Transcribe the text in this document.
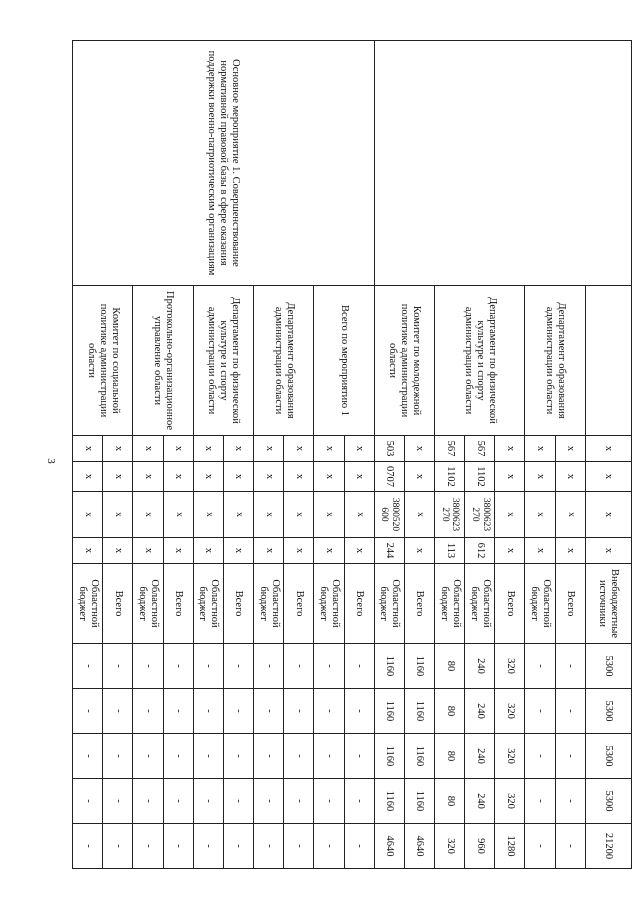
3
		x	x	x	x	Внебюджетные источники	5300	5300	5300	5300	21200
	Департамент образования администрации области	x	x	x	x	Всего	-	-	-	-	-
		x	x	x	x	Областной бюджет	-	-	-	-	-
	Департамент по физической культуре и спорту администрации области	x	x	x	x	Всего	320	320	320	320	1280
		567	1102	3800623 270	612	Областной бюджет	240	240	240	240	960
		567	1102	3800623 270	113	Областной бюджет	80	80	80	80	320
	Комитет по молодежной политике администрации области	x	x	x	x	Всего	1160	1160	1160	1160	4640
		503	0707	3800520 600	244	Областной бюджет	1160	1160	1160	1160	4640
Основное мероприятие 1. Совершенствование нормативной правовой базы в сфере оказания поддержки военно-патриотическим организациям	Всего по мероприятию 1	x	x	x	x	Всего	-	-	-	-	-
		x	x	x	x	Областной бюджет	-	-	-	-	-
	Департамент образования администрации области	x	x	x	x	Всего	-	-	-	-	-
		x	x	x	x	Областной бюджет	-	-	-	-	-
	Департамент по физической культуре и спорту администрации области	x	x	x	x	Всего	-	-	-	-	-
		x	x	x	x	Областной бюджет	-	-	-	-	-
	Протокольно-организационное управление области	x	x	x	x	Всего	-	-	-	-	-
		x	x	x	x	Областной бюджет	-	-	-	-	-
	Комитет по социальной политике администрации области	x	x	x	x	Всего	-	-	-	-	-
		x	x	x	x	Областной бюджет	-	-	-	-	-
